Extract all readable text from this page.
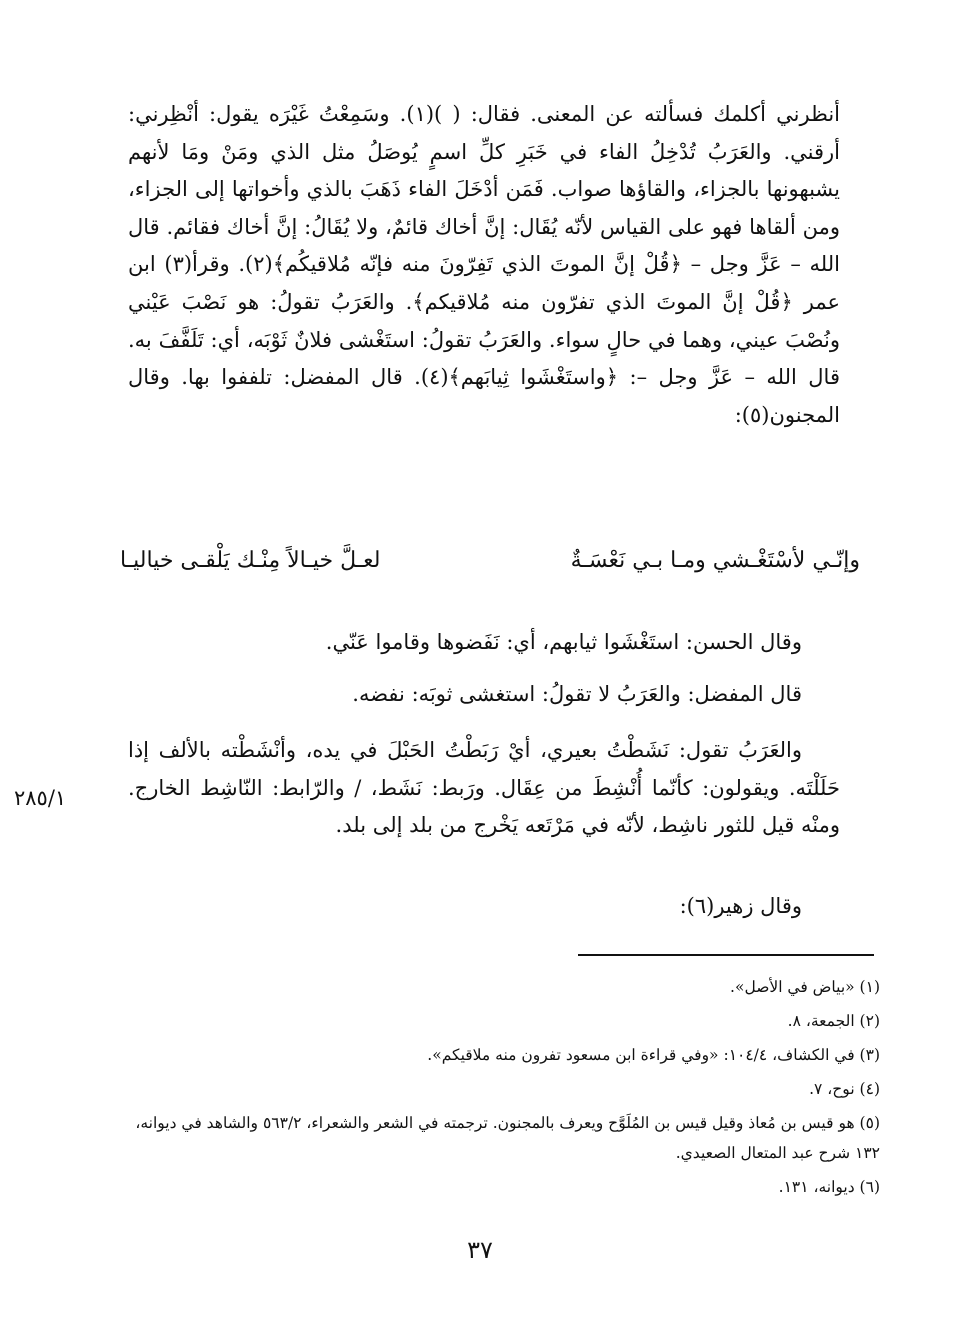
أنظرني أكلمك فسألته عن المعنى. فقال: ( )(١). وسَمِعْتُ غَيْرَه يقول: أنْظِرني: أرقني. والعَرَبُ تُدْخِلُ الفاء في خَبَرِ كلِّ اسمٍ يُوصَلُ مثل الذي ومَنْ ومَا لأنهم يشبهونها بالجزاء، والقاؤها صواب. فَمَن أدْخَلَ الفاء ذَهَبَ بالذي وأخواتها إلى الجزاء، ومن ألقاها فهو على القياس لأنّه يُقَال: إنَّ أخاك قائمٌ، ولا يُقَالُ: إنَّ أخاك فقائم. قال الله – عَزَّ وجل – ﴿قُلْ إنَّ الموتَ الذي تَفِرّونَ منه فإنّه مُلاقيكُم﴾(٢). وقرأ(٣) ابن عمر ﴿قُلْ إنَّ الموتَ الذي تفرّون منه مُلاقيكم﴾. والعَرَبُ تقولُ: هو نَصْبَ عَيْني ونُصْبَ عيني، وهما في حالٍ سواء. والعَرَبُ تقولُ: استَغْشى فلانٌ ثَوْبَه، أي: تَلَفَّفَ به. قال الله – عَزَّ وجل –: ﴿واستَغْشَوا ثِيابَهم﴾(٤). قال المفضل: تلففوا بها. وقال المجنون(٥):

وإنّـي لأسْتَغْـشي ومـا بـي نَعْسَـةٌ
لعـلَّ خيـالاً مِنْـك يَلْقـى خياليـا

وقال الحسن: استَغْشَوا ثيابهم، أي: نَفَضوها وقاموا عَنّي.

قال المفضل: والعَرَبُ لا تقولُ: استغشى ثوبَه: نفضه.

والعَرَبُ تقول: نَشَطْتُ بعيري، أيْ رَبَطْتُ الحَبْلَ في يده، وأنْشَطْته بالألف إذا حَلَلْتَه. ويقولون: كأنّما أُنْشِطَ من عِقَال. ورَبط: نَشَط، / والرّابط: النّاشِط الخارج. ومنْه قيل للثور ناشِط، لأنّه في مَرْتَعه يَخْرج من بلد إلى بلد.

وقال زهير(٦):

٢٨٥/١

(١) «بياض في الأصل».

(٢) الجمعة، ٨.

(٣) في الكشاف، ١٠٤/٤: «وفي قراءة ابن مسعود تفرون منه ملاقيكم».

(٤) نوح، ٧.

(٥) هو قيس بن مُعاذ وقيل قيس بن المُلَوَّح ويعرف بالمجنون. ترجمته في الشعر والشعراء، ٥٦٣/٢ والشاهد في ديوانه، ١٣٢ شرح عبد المتعال الصعيدي.

(٦) ديوانه، ١٣١.

٣٧
